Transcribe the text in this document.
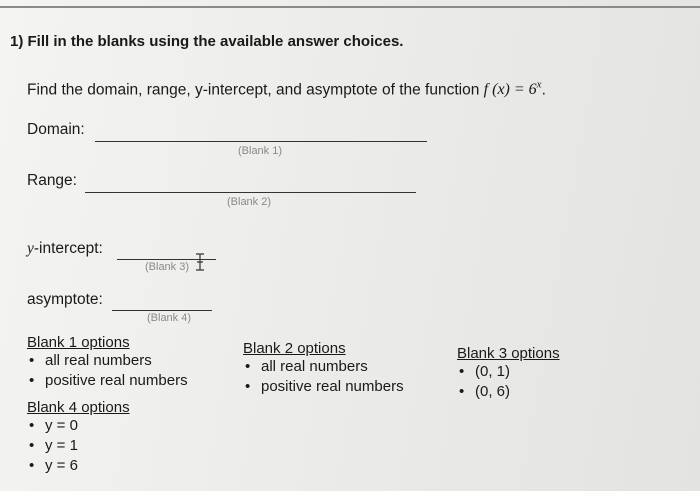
1) Fill in the blanks using the available answer choices.
Find the domain, range, y-intercept, and asymptote of the function f $(x) = 6^x$.
Domain:
(Blank 1)
Range:
(Blank 2)
y-intercept:
(Blank 3)
asymptote:
(Blank 4)
Blank 1 options
• all real numbers
• positive real numbers
Blank 4 options
• y = 0
• y = 1
• y = 6
Blank 2 options
• all real numbers
• positive real numbers
Blank 3 options
• (0, 1)
• (0, 6)
